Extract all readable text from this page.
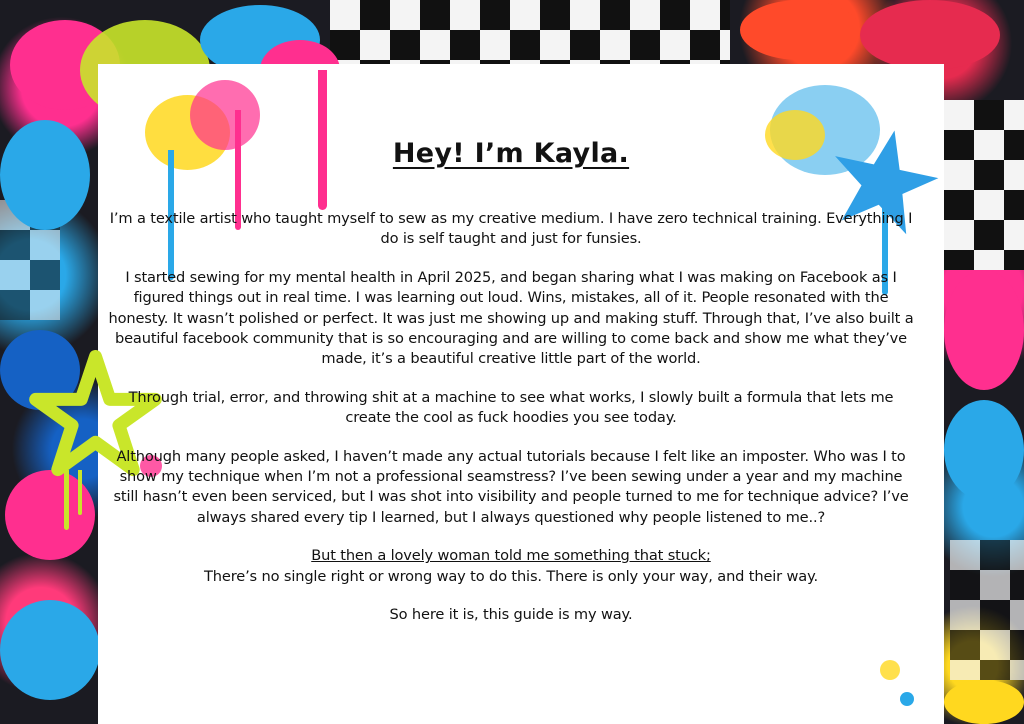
Hey! I’m Kayla.

I’m a textile artist who taught myself to sew as my creative medium. I have zero technical training. Everything I do is self taught and just for funsies.

I started sewing for my mental health in April 2025, and began sharing what I was making on Facebook as I figured things out in real time. I was learning out loud. Wins, mistakes, all of it. People resonated with the honesty. It wasn’t polished or perfect. It was just me showing up and making stuff. Through that, I’ve also built a beautiful facebook community that is so encouraging and are willing to come back and show me what they’ve made, it’s a beautiful creative little part of the world.

Through trial, error, and throwing shit at a machine to see what works, I slowly built a formula that lets me create the cool as fuck hoodies you see today.

Although many people asked, I haven’t made any actual tutorials because I felt like an imposter. Who was I to show my technique when I’m not a professional seamstress? I’ve been sewing under a year and my machine still hasn’t even been serviced, but I was shot into visibility and people turned to me for technique advice? I’ve always shared every tip I learned, but I always questioned why people listened to me..?

But then a lovely woman told me something that stuck;
There’s no single right or wrong way to do this. There is only your way, and their way.

So here it is, this guide is my way.
